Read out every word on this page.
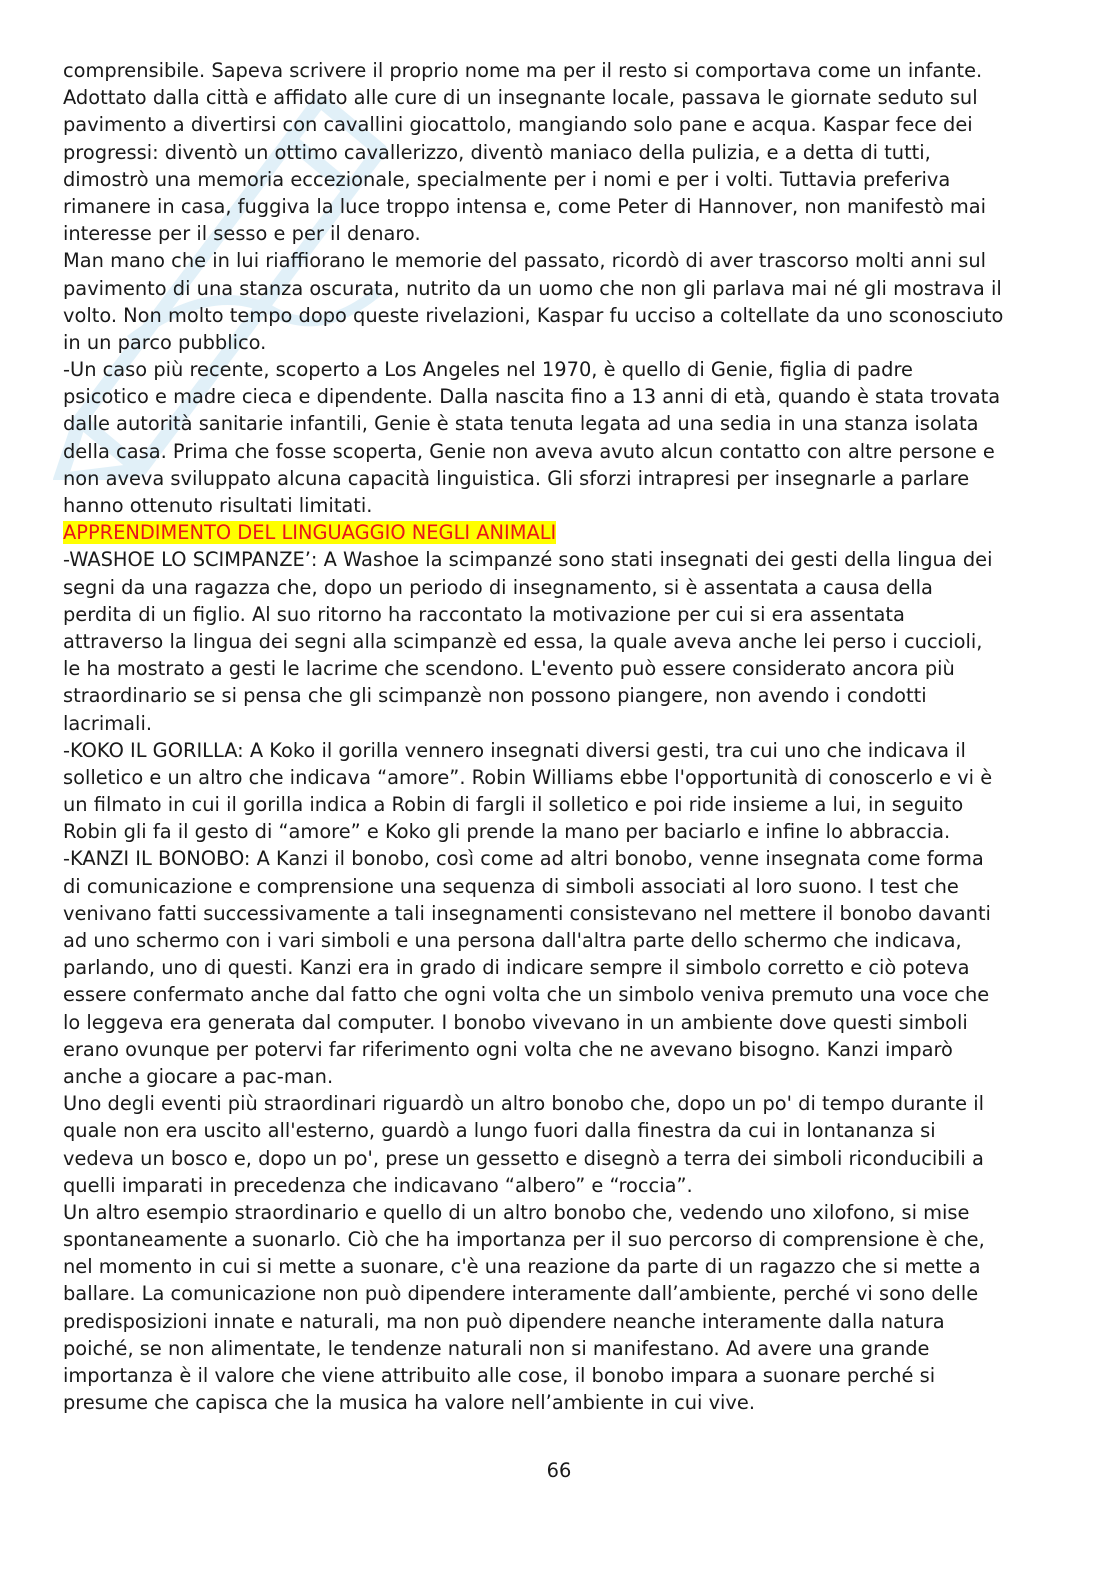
comprensibile. Sapeva scrivere il proprio nome ma per il resto si comportava come un infante.
Adottato dalla città e affidato alle cure di un insegnante locale, passava le giornate seduto sul
pavimento a divertirsi con cavallini giocattolo, mangiando solo pane e acqua. Kaspar fece dei
progressi: diventò un ottimo cavallerizzo, diventò maniaco della pulizia, e a detta di tutti,
dimostrò una memoria eccezionale, specialmente per i nomi e per i volti. Tuttavia preferiva
rimanere in casa, fuggiva la luce troppo intensa e, come Peter di Hannover, non manifestò mai
interesse per il sesso e per il denaro.
Man mano che in lui riaffiorano le memorie del passato, ricordò di aver trascorso molti anni sul
pavimento di una stanza oscurata, nutrito da un uomo che non gli parlava mai né gli mostrava il
volto. Non molto tempo dopo queste rivelazioni, Kaspar fu ucciso a coltellate da uno sconosciuto
in un parco pubblico.
-Un caso più recente, scoperto a Los Angeles nel 1970, è quello di Genie, figlia di padre
psicotico e madre cieca e dipendente. Dalla nascita fino a 13 anni di età, quando è stata trovata
dalle autorità sanitarie infantili, Genie è stata tenuta legata ad una sedia in una stanza isolata
della casa. Prima che fosse scoperta, Genie non aveva avuto alcun contatto con altre persone e
non aveva sviluppato alcuna capacità linguistica. Gli sforzi intrapresi per insegnarle a parlare
hanno ottenuto risultati limitati.
APPRENDIMENTO DEL LINGUAGGIO NEGLI ANIMALI
-WASHOE LO SCIMPANZE’: A Washoe la scimpanzé sono stati insegnati dei gesti della lingua dei
segni da una ragazza che, dopo un periodo di insegnamento, si è assentata a causa della
perdita di un figlio. Al suo ritorno ha raccontato la motivazione per cui si era assentata
attraverso la lingua dei segni alla scimpanzè ed essa, la quale aveva anche lei perso i cuccioli,
le ha mostrato a gesti le lacrime che scendono. L'evento può essere considerato ancora più
straordinario se si pensa che gli scimpanzè non possono piangere, non avendo i condotti
lacrimali.
-KOKO IL GORILLA: A Koko il gorilla vennero insegnati diversi gesti, tra cui uno che indicava il
solletico e un altro che indicava “amore”. Robin Williams ebbe l'opportunità di conoscerlo e vi è
un filmato in cui il gorilla indica a Robin di fargli il solletico e poi ride insieme a lui, in seguito
Robin gli fa il gesto di “amore” e Koko gli prende la mano per baciarlo e infine lo abbraccia.
-KANZI IL BONOBO: A Kanzi il bonobo, così come ad altri bonobo, venne insegnata come forma
di comunicazione e comprensione una sequenza di simboli associati al loro suono. I test che
venivano fatti successivamente a tali insegnamenti consistevano nel mettere il bonobo davanti
ad uno schermo con i vari simboli e una persona dall'altra parte dello schermo che indicava,
parlando, uno di questi. Kanzi era in grado di indicare sempre il simbolo corretto e ciò poteva
essere confermato anche dal fatto che ogni volta che un simbolo veniva premuto una voce che
lo leggeva era generata dal computer. I bonobo vivevano in un ambiente dove questi simboli
erano ovunque per potervi far riferimento ogni volta che ne avevano bisogno. Kanzi imparò
anche a giocare a pac-man.
Uno degli eventi più straordinari riguardò un altro bonobo che, dopo un po' di tempo durante il
quale non era uscito all'esterno, guardò a lungo fuori dalla finestra da cui in lontananza si
vedeva un bosco e, dopo un po', prese un gessetto e disegnò a terra dei simboli riconducibili a
quelli imparati in precedenza che indicavano “albero” e “roccia”.
Un altro esempio straordinario e quello di un altro bonobo che, vedendo uno xilofono, si mise
spontaneamente a suonarlo. Ciò che ha importanza per il suo percorso di comprensione è che,
nel momento in cui si mette a suonare, c'è una reazione da parte di un ragazzo che si mette a
ballare. La comunicazione non può dipendere interamente dall’ambiente, perché vi sono delle
predisposizioni innate e naturali, ma non può dipendere neanche interamente dalla natura
poiché, se non alimentate, le tendenze naturali non si manifestano. Ad avere una grande
importanza è il valore che viene attribuito alle cose, il bonobo impara a suonare perché si
presume che capisca che la musica ha valore nell’ambiente in cui vive.
66
